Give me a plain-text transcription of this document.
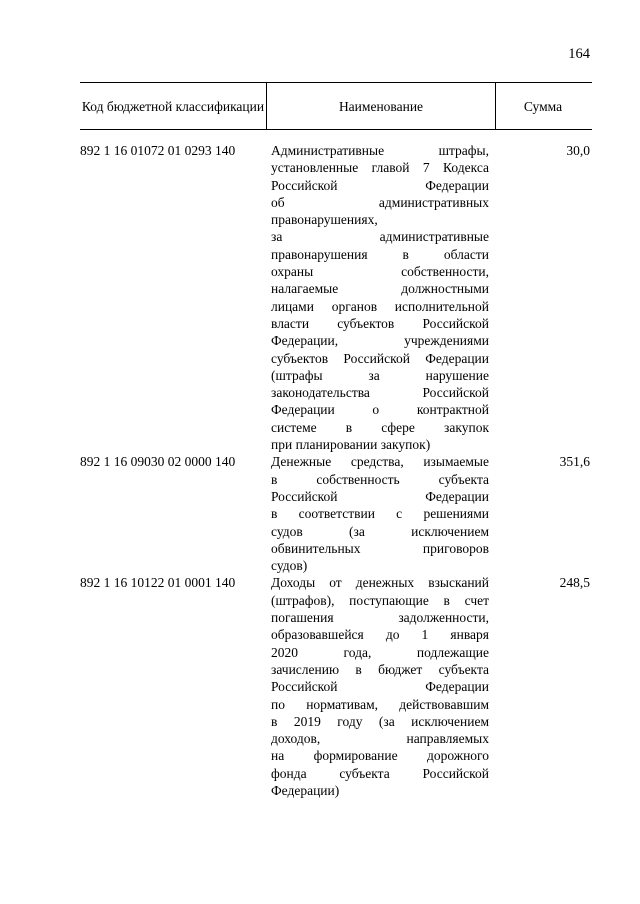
164
Код бюджетной классификации	Наименование	Сумма
892 1 16 01072 01 0293 140	Административные штрафы,
установленные главой 7 Кодекса
Российской Федерации
об административных
правонарушениях,
за административные
правонарушения в области
охраны собственности,
налагаемые должностными
лицами органов исполнительной
власти субъектов Российской
Федерации, учреждениями
субъектов Российской Федерации
(штрафы за нарушение
законодательства Российской
Федерации о контрактной
системе в сфере закупок
при планировании закупок)
30,0
892 1 16 09030 02 0000 140	Денежные средства, изымаемые
в собственность субъекта
Российской Федерации
в соответствии с решениями
судов (за исключением
обвинительных приговоров
судов)
351,6
892 1 16 10122 01 0001 140	Доходы от денежных взысканий
(штрафов), поступающие в счет
погашения задолженности,
образовавшейся до 1 января
2020 года, подлежащие
зачислению в бюджет субъекта
Российской Федерации
по нормативам, действовавшим
в 2019 году (за исключением
доходов, направляемых
на формирование дорожного
фонда субъекта Российской
Федерации)
248,5
